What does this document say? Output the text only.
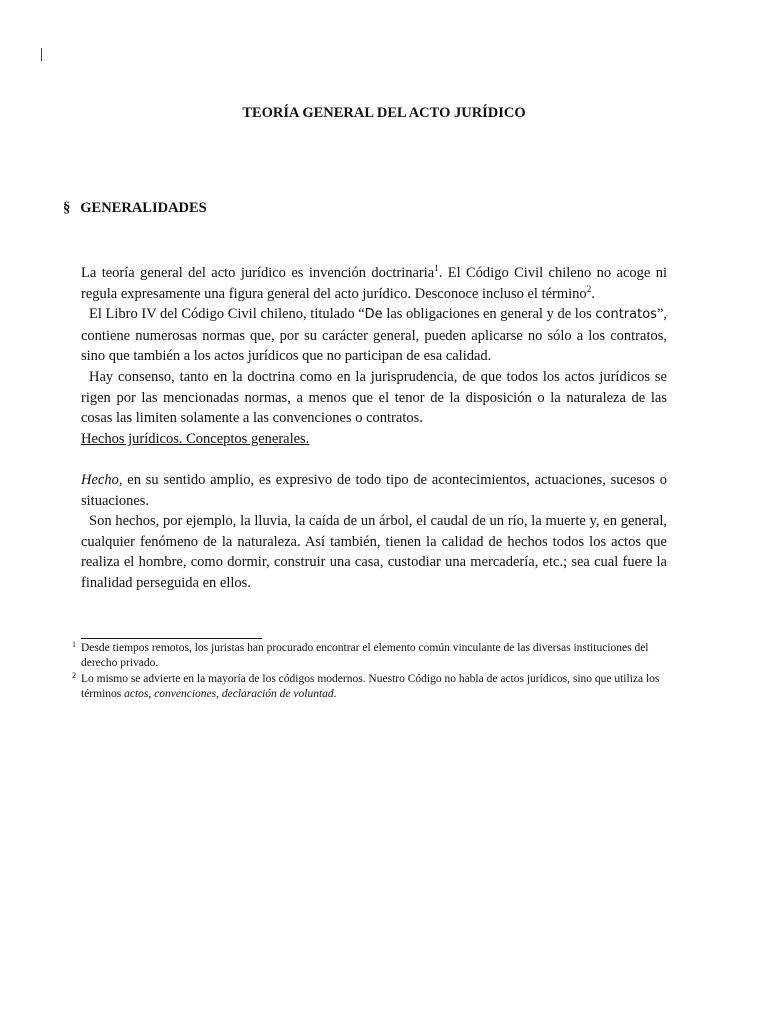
TEORÍA GENERAL DEL ACTO JURÍDICO
§ GENERALIDADES

La teoría general del acto jurídico es invención doctrinaria$^1$. El Código Civil chileno no acoge ni regula expresamente una figura general del acto jurídico. Desconoce incluso el término$^2$.

El Libro IV del Código Civil chileno, titulado “De las obligaciones en general y de los contratos”, contiene numerosas normas que, por su carácter general, pueden aplicarse no sólo a los contratos, sino que también a los actos jurídicos que no participan de esa calidad.

Hay consenso, tanto en la doctrina como en la jurisprudencia, de que todos los actos jurídicos se rigen por las mencionadas normas, a menos que el tenor de la disposición o la naturaleza de las cosas las limiten solamente a las convenciones o contratos.

Hechos jurídicos. Conceptos generales.

Hecho, en su sentido amplio, es expresivo de todo tipo de acontecimientos, actuaciones, sucesos o situaciones.

Son hechos, por ejemplo, la lluvia, la caída de un árbol, el caudal de un río, la muerte y, en general, cualquier fenómeno de la naturaleza. Así también, tienen la calidad de hechos todos los actos que realiza el hombre, como dormir, construir una casa, custodiar una mercadería, etc.; sea cual fuere la finalidad perseguida en ellos.

1 Desde tiempos remotos, los juristas han procurado encontrar el elemento común vinculante de las diversas instituciones del derecho privado.

2 Lo mismo se advierte en la mayoría de los códigos modernos. Nuestro Código no habla de actos jurídicos, sino que utiliza los términos actos, convenciones, declaración de voluntad.
